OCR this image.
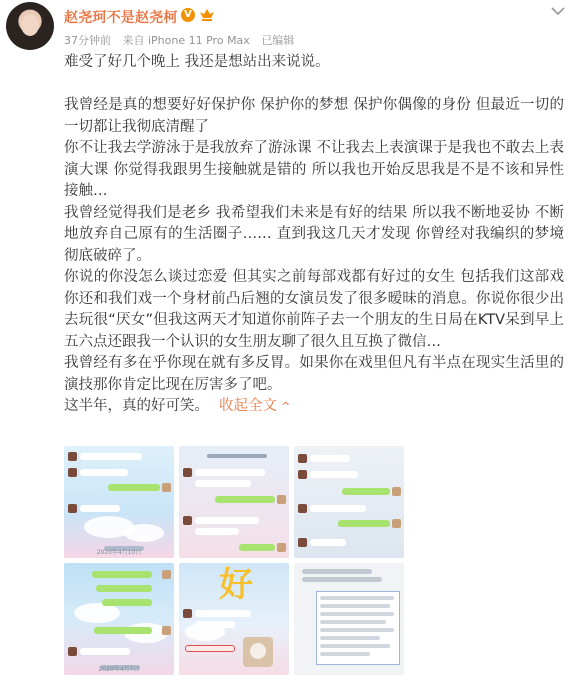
赵尧珂不是赵尧柯 V
37分钟前 来自 iPhone 11 Pro Max 已编辑
难受了好几个晚上 我还是想站出来说说。
我曾经是真的想要好好保护你 保护你的梦想 保护你偶像的身份 但最近一切的一切都让我彻底清醒了
你不让我去学游泳于是我放弃了游泳课 不让我去上表演课于是我也不敢去上表演大课 你觉得我跟男生接触就是错的 所以我也开始反思我是不是不该和异性接触…
我曾经觉得我们是老乡 我希望我们未来是有好的结果 所以我不断地妥协 不断地放弃自己原有的生活圈子…… 直到我这几天才发现 你曾经对我编织的梦境彻底破碎了。
你说的你没怎么谈过恋爱 但其实之前每部戏都有好过的女生 包括我们这部戏 你还和我们戏一个身材前凸后翘的女演员发了很多暧昧的消息。你说你很少出去玩很“厌女”但我这两天才知道你前阵子去一个朋友的生日局在KTV呆到早上五六点还跟我一个认识的女生朋友聊了很久且互换了微信…
我曾经有多在乎你现在就有多反胃。如果你在戏里但凡有半点在现实生活里的演技那你肯定比现在厉害多了吧。
这半年，真的好可笑。 收起全文 ^
2020年4月10日
2020年4月7日
好
